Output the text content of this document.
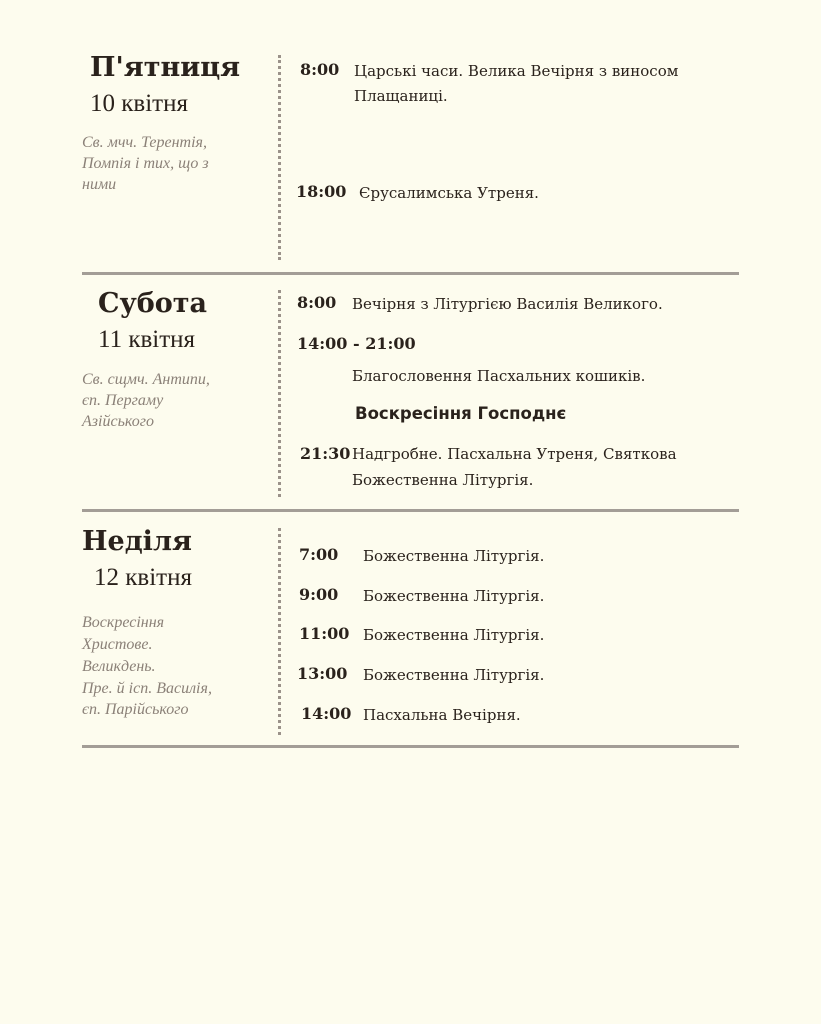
П'ятниця
10 квітня
Св. мчч. Терентія,
Помпія і тих, що з
ними
8:00 Царські часи. Велика Вечірня з виносом
Плащаниці.
18:00 Єрусалимська Утреня.
Субота
11 квітня
Св. сщмч. Антипи,
єп. Пергаму
Азійського
8:00 Вечірня з Літургією Василія Великого.
14:00 - 21:00
Благословення Пасхальних кошиків.
Воскресіння Господнє
21:30 Надгробне. Пасхальна Утреня, Святкова
Божественна Літургія.
Неділя
12 квітня
Воскресіння
Христове.
Великдень.
Пре. й ісп. Василія,
єп. Парійського
7:00 Божественна Літургія.
9:00 Божественна Літургія.
11:00 Божественна Літургія.
13:00 Божественна Літургія.
14:00 Пасхальна Вечірня.
